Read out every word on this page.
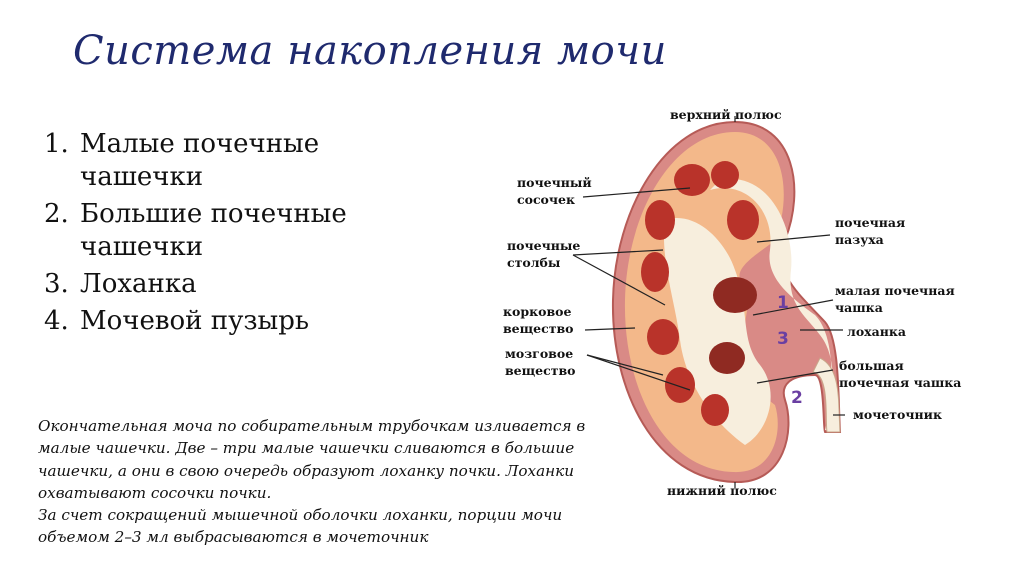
Система накопления мочи
1. Малые почечные чашечки
2. Большие почечные чашечки
3. Лоханка
4. Мочевой пузырь

Окончательная моча по собирательным трубочкам изливается в малые чашечки. Две – три малые чашечки сливаются в большие чашечки, а они в свою очередь образуют лоханку почки. Лоханки охватывают сосочки почки.

За счет сокращений мышечной оболочки лоханки, порции мочи объемом 2–3 мл выбрасываются в мочеточник

верхний полюс
почечный
сосочек
почечные
столбы
корковое
вещество
мозговое
вещество
почечная
пазуха
малая почечная
чашка
лоханка
большая
почечная чашка
мочеточник
нижний полюс
1
3
2
